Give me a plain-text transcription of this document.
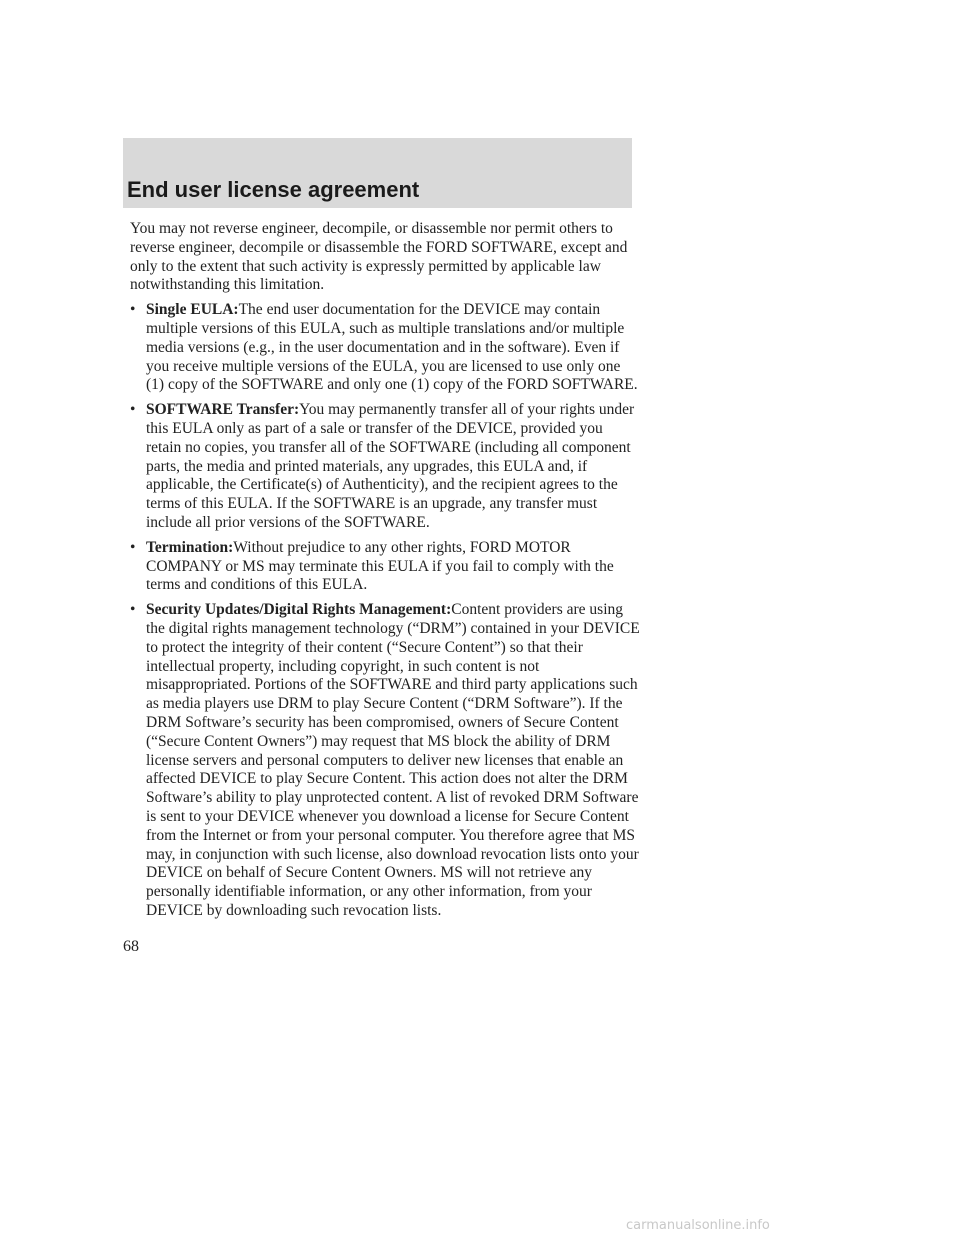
End user license agreement

You may not reverse engineer, decompile, or disassemble nor permit others to reverse engineer, decompile or disassemble the FORD SOFTWARE, except and only to the extent that such activity is expressly permitted by applicable law notwithstanding this limitation.

• Single EULA:The end user documentation for the DEVICE may contain multiple versions of this EULA, such as multiple translations and/or multiple media versions (e.g., in the user documentation and in the software). Even if you receive multiple versions of the EULA, you are licensed to use only one (1) copy of the SOFTWARE and only one (1) copy of the FORD SOFTWARE.

• SOFTWARE Transfer:You may permanently transfer all of your rights under this EULA only as part of a sale or transfer of the DEVICE, provided you retain no copies, you transfer all of the SOFTWARE (including all component parts, the media and printed materials, any upgrades, this EULA and, if applicable, the Certificate(s) of Authenticity), and the recipient agrees to the terms of this EULA. If the SOFTWARE is an upgrade, any transfer must include all prior versions of the SOFTWARE.

• Termination:Without prejudice to any other rights, FORD MOTOR COMPANY or MS may terminate this EULA if you fail to comply with the terms and conditions of this EULA.

• Security Updates/Digital Rights Management:Content providers are using the digital rights management technology (“DRM”) contained in your DEVICE to protect the integrity of their content (“Secure Content”) so that their intellectual property, including copyright, in such content is not misappropriated. Portions of the SOFTWARE and third party applications such as media players use DRM to play Secure Content (“DRM Software”). If the DRM Software’s security has been compromised, owners of Secure Content (“Secure Content Owners”) may request that MS block the ability of DRM license servers and personal computers to deliver new licenses that enable an affected DEVICE to play Secure Content. This action does not alter the DRM Software’s ability to play unprotected content. A list of revoked DRM Software is sent to your DEVICE whenever you download a license for Secure Content from the Internet or from your personal computer. You therefore agree that MS may, in conjunction with such license, also download revocation lists onto your DEVICE on behalf of Secure Content Owners. MS will not retrieve any personally identifiable information, or any other information, from your DEVICE by downloading such revocation lists.

68

carmanualsonline.info
